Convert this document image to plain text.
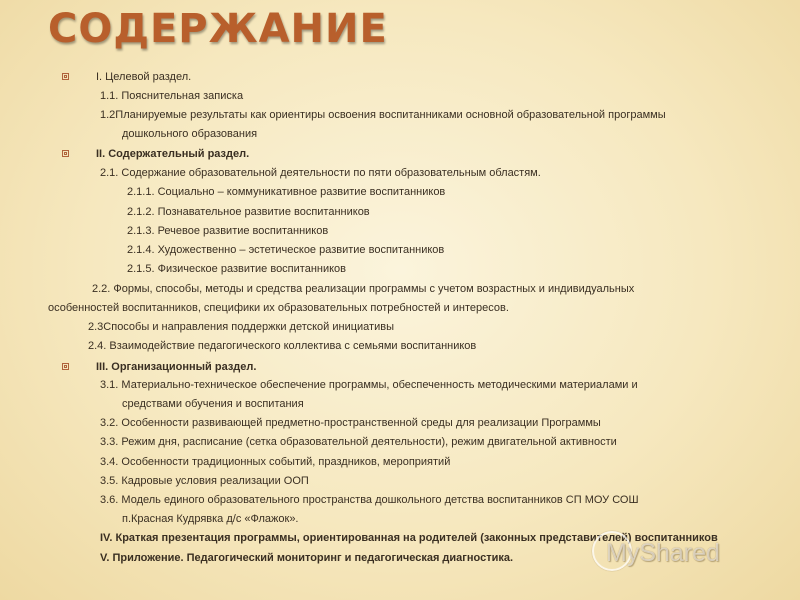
СОДЕРЖАНИЕ
I. Целевой раздел.
1.1. Пояснительная записка
1.2Планируемые результаты как ориентиры освоения воспитанниками основной образовательной программы
дошкольного образования
II. Содержательный раздел.
2.1. Содержание образовательной деятельности по пяти образовательным областям.
2.1.1. Социально – коммуникативное развитие воспитанников
2.1.2. Познавательное развитие воспитанников
2.1.3. Речевое развитие воспитанников
2.1.4. Художественно – эстетическое развитие воспитанников
2.1.5. Физическое развитие воспитанников
2.2. Формы, способы, методы и средства реализации программы с учетом возрастных и индивидуальных
особенностей воспитанников, специфики их образовательных потребностей и интересов.
2.3Способы и направления поддержки детской инициативы
2.4. Взаимодействие педагогического коллектива с семьями воспитанников
III. Организационный раздел.
3.1. Материально-техническое обеспечение программы, обеспеченность методическими материалами и
средствами обучения и воспитания
3.2. Особенности развивающей предметно-пространственной среды для реализации Программы
3.3. Режим дня, расписание (сетка образовательной деятельности), режим двигательной активности
3.4. Особенности традиционных событий, праздников, мероприятий
3.5. Кадровые условия реализации ООП
3.6. Модель единого образовательного пространства дошкольного детства воспитанников СП МОУ СОШ
п.Красная Кудрявка д/с «Флажок».
IV. Краткая презентация программы, ориентированная на родителей (законных представителей) воспитанников
V. Приложение. Педагогический мониторинг и педагогическая диагностика.	MyShared
